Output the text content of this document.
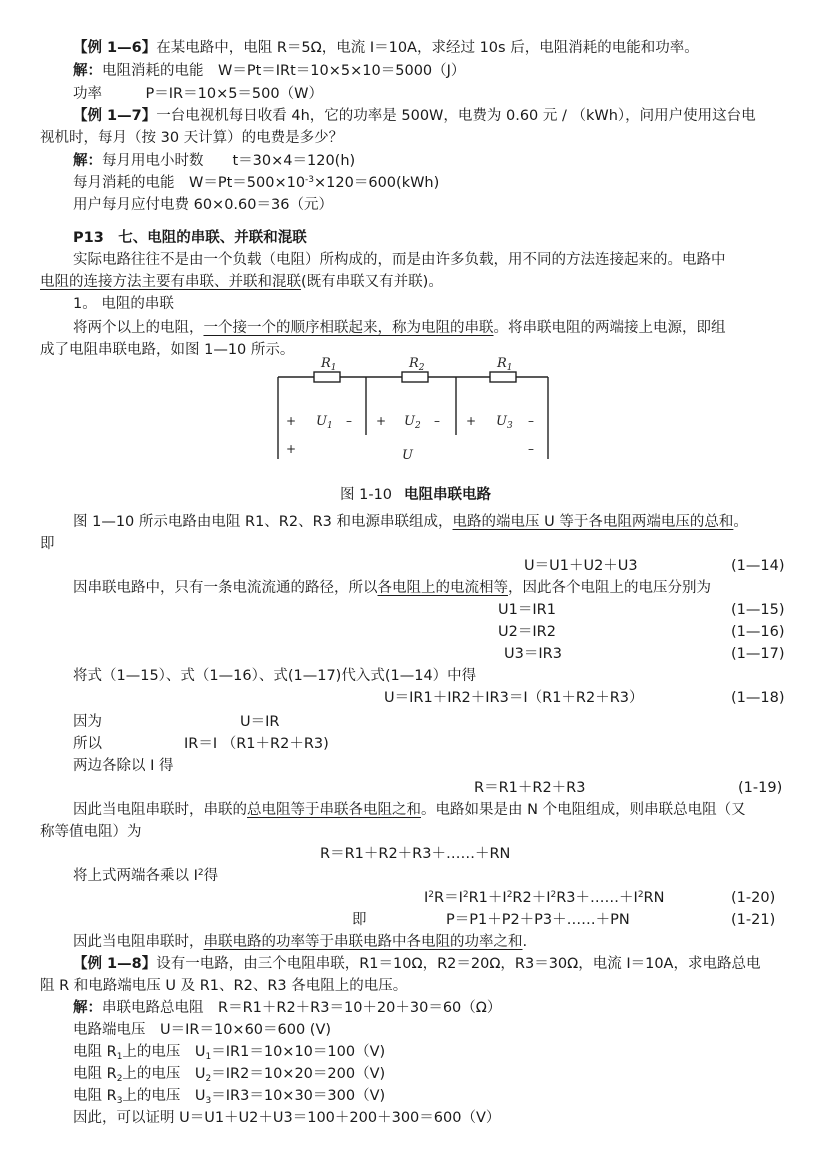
【例 1—6】在某电路中，电阻 R＝5Ω，电流 I＝10A，求经过 10s 后，电阻消耗的电能和功率。
解：电阻消耗的电能　W＝Pt＝IRt＝10×5×10＝5000（J）
功率　　　P＝IR＝10×5＝500（W）
【例 1—7】一台电视机每日收看 4h，它的功率是 500W，电费为 0.60 元 / （kWh），问用户使用这台电
视机时，每月（按 30 天计算）的电费是多少？
解：每月用电小时数　　t＝30×4＝120(h)
每月消耗的电能　$W=Pt=500\times 10^{-3}\times 120=600(kWh)$
用户每月应付电费 60×0.60＝36（元）
P13　七、电阻的串联、并联和混联
实际电路往往不是由一个负载（电阻）所构成的，而是由许多负载，用不同的方法连接起来的。电路中
电阻的连接方法主要有串联、并联和混联(既有串联又有并联)。
1。 电阻的串联
将两个以上的电阻，一个接一个的顺序相联起来，称为电阻的串联。将串联电阻的两端接上电源，即组
成了电阻串联电路，如图 1—10 所示。
$R_1$	$R_2$	$R_1$
+ $U_1$ – + $U_2$ – + $U_3$ –
+	U	–
图 1-10 电阻串联电路
图 1—10 所示电路由电阻 R1、R2、R3 和电源串联组成，电路的端电压 U 等于各电阻两端电压的总和。
即
U＝U1＋U2＋U3	(1—14)
因串联电路中，只有一条电流流通的路径，所以各电阻上的电流相等，因此各个电阻上的电压分别为
U1＝IR1	(1—15)
U2＝IR2	(1—16)
U3＝IR3	(1—17)
将式（1—15）、式（1—16）、式(1—17)代入式(1—14）中得
U＝IR1＋IR2＋IR3＝I（R1＋R2＋R3）	(1—18)
因为	U＝IR
所以	IR＝I （R1＋R2＋R3)
两边各除以 I 得
R＝R1＋R2＋R3	(1-19)
因此当电阻串联时，串联的总电阻等于串联各电阻之和。电路如果是由 N 个电阻组成，则串联总电阻（又
称等值电阻）为
R＝R1＋R2＋R3＋……＋RN
将上式两端各乘以 $I^2$得
$I^2R=I^2R1+I^2R2+I^2R3+\dots\dots+I^2RN$	(1-20)
即	P＝P1＋P2＋P3＋……＋PN	(1-21)
因此当电阻串联时，串联电路的功率等于串联电路中各电阻的功率之和.
【例 1—8】设有一电路，由三个电阻串联，R1＝10Ω，R2＝20Ω，R3＝30Ω，电流 I＝10A，求电路总电
阻 R 和电路端电压 U 及 R1、R2、R3 各电阻上的电压。
解：串联电路总电阻　R＝R1＋R2＋R3＝10＋20＋30＝60（Ω）
电路端电压　U＝IR＝10×60＝600 (V)
电阻 $R_1$上的电压　$U_1=IR1=10\times 10=100(V)$
电阻 $R_2$上的电压　$U_2=IR2=10\times 20=200(V)$
电阻 $R_3$上的电压　$U_3=IR3=10\times 30=300(V)$
因此，可以证明 U＝U1＋U2＋U3＝100＋200＋300＝600（V）
